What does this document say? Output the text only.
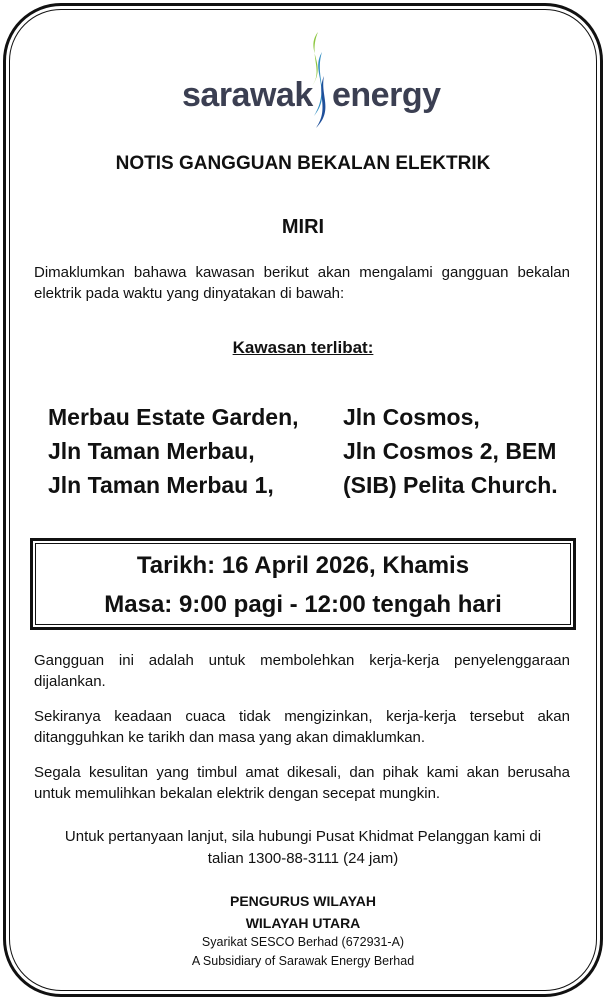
sarawak energy
NOTIS GANGGUAN BEKALAN ELEKTRIK
MIRI

Dimaklumkan bahawa kawasan berikut akan mengalami gangguan bekalan elektrik pada waktu yang dinyatakan di bawah:

Kawasan terlibat:
Merbau Estate Garden,
Jln Taman Merbau,
Jln Taman Merbau 1,
Jln Cosmos,
Jln Cosmos 2, BEM
(SIB) Pelita Church.
Tarikh: 16 April 2026, Khamis
Masa: 9:00 pagi - 12:00 tengah hari

Gangguan ini adalah untuk membolehkan kerja-kerja penyelenggaraan dijalankan.

Sekiranya keadaan cuaca tidak mengizinkan, kerja-kerja tersebut akan ditangguhkan ke tarikh dan masa yang akan dimaklumkan.

Segala kesulitan yang timbul amat dikesali, dan pihak kami akan berusaha untuk memulihkan bekalan elektrik dengan secepat mungkin.

Untuk pertanyaan lanjut, sila hubungi Pusat Khidmat Pelanggan kami di
talian 1300-88-3111 (24 jam)
PENGURUS WILAYAH
WILAYAH UTARA
Syarikat SESCO Berhad (672931-A)
A Subsidiary of Sarawak Energy Berhad
